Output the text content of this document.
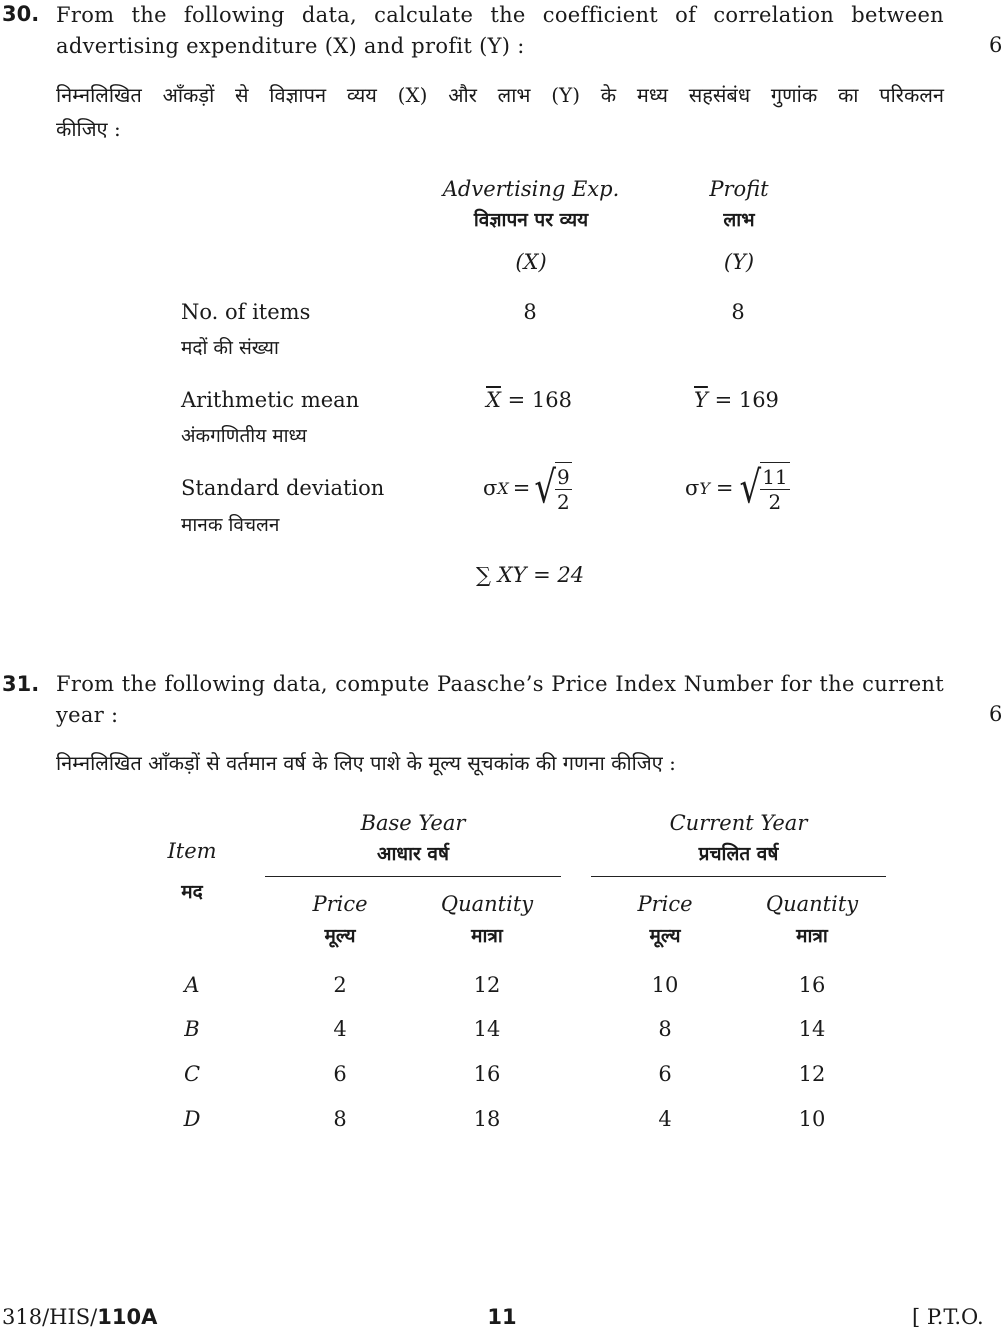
30. From the following data, calculate the coefficient of correlation between
advertising expenditure (X) and profit (Y) :	6
निम्नलिखित आँकड़ों से विज्ञापन व्यय (X) और लाभ (Y) के मध्य सहसंबंध गुणांक का परिकलन
कीजिए :
Advertising Exp.
विज्ञापन पर व्यय
(X)
Profit
लाभ
(Y)
No. of items
मदों की संख्या
8	8
Arithmetic mean
अंकगणितीय माध्य
$\overline{X} = 168$	$\overline{Y} = 169$
Standard deviation
मानक विचलन
σ X = √ $\frac{9}{2}$	σ Y = √ $\frac{11}{2}$
∑ XY = 24
31. From the following data, compute Paasche’s Price Index Number for the current
year :	6
निम्नलिखित आँकड़ों से वर्तमान वर्ष के लिए पाशे के मूल्य सूचकांक की गणना कीजिए :
Item
मद
Base Year
आधार वर्ष
Current Year
प्रचलित वर्ष
Price
मूल्य
Quantity
मात्रा
Price
मूल्य
Quantity
मात्रा
A	2	12	10	16
B	4	14	8	14
C	6	16	6	12
D	8	18	4	10
318/HIS/110A	11	[ P.T.O.
